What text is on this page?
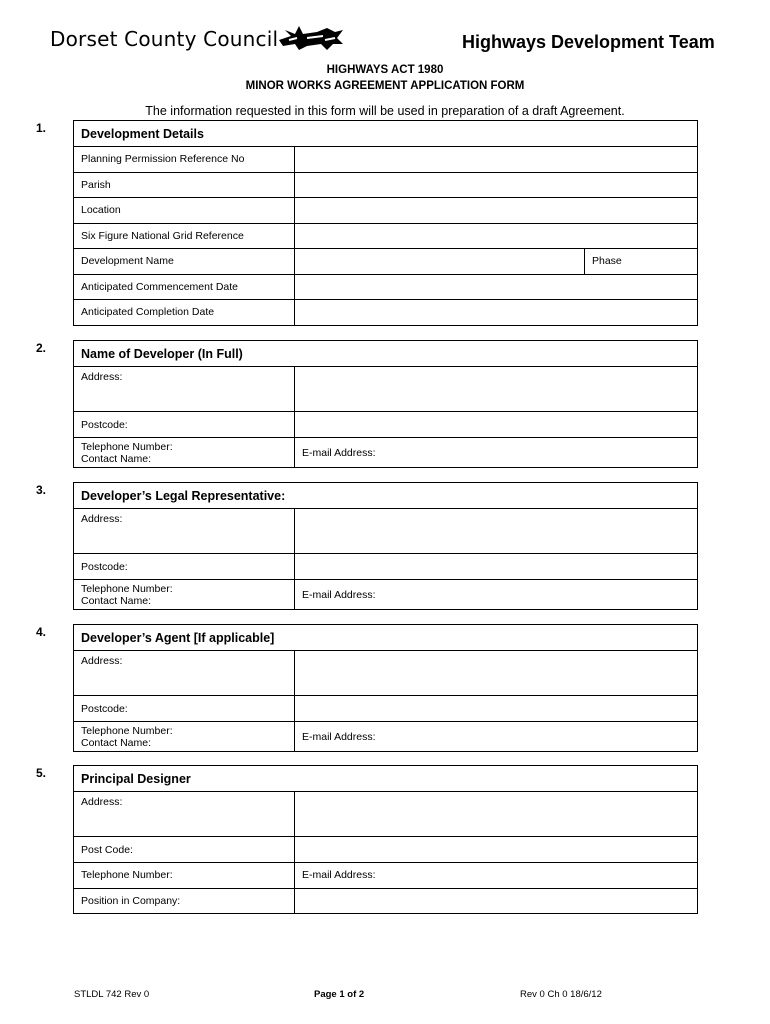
Dorset County Council	Highways Development Team
HIGHWAYS ACT 1980
MINOR WORKS AGREEMENT APPLICATION FORM
The information requested in this form will be used in preparation of a draft Agreement.
1.	Development Details		
Planning Permission Reference No		
Parish		
Location		
Six Figure National Grid Reference		
Development Name		Phase
Anticipated Commencement Date		
Anticipated Completion Date		
2.	Name of Developer (In Full)	
Address:	
Postcode:	

Telephone Number:
Contact Name:	E-mail Address:
3.	Developer’s Legal Representative:	
Address:	
Postcode:	

Telephone Number:
Contact Name:	E-mail Address:
4.	Developer’s Agent [If applicable]	
Address:	
Postcode:	

Telephone Number:
Contact Name:	E-mail Address:
5.	Principal Designer	
Address:	
Post Code:	
Telephone Number:	E-mail Address:
Position in Company:	
STLDL 742 Rev 0	Page 1 of 2	Rev 0 Ch 0 18/6/12
